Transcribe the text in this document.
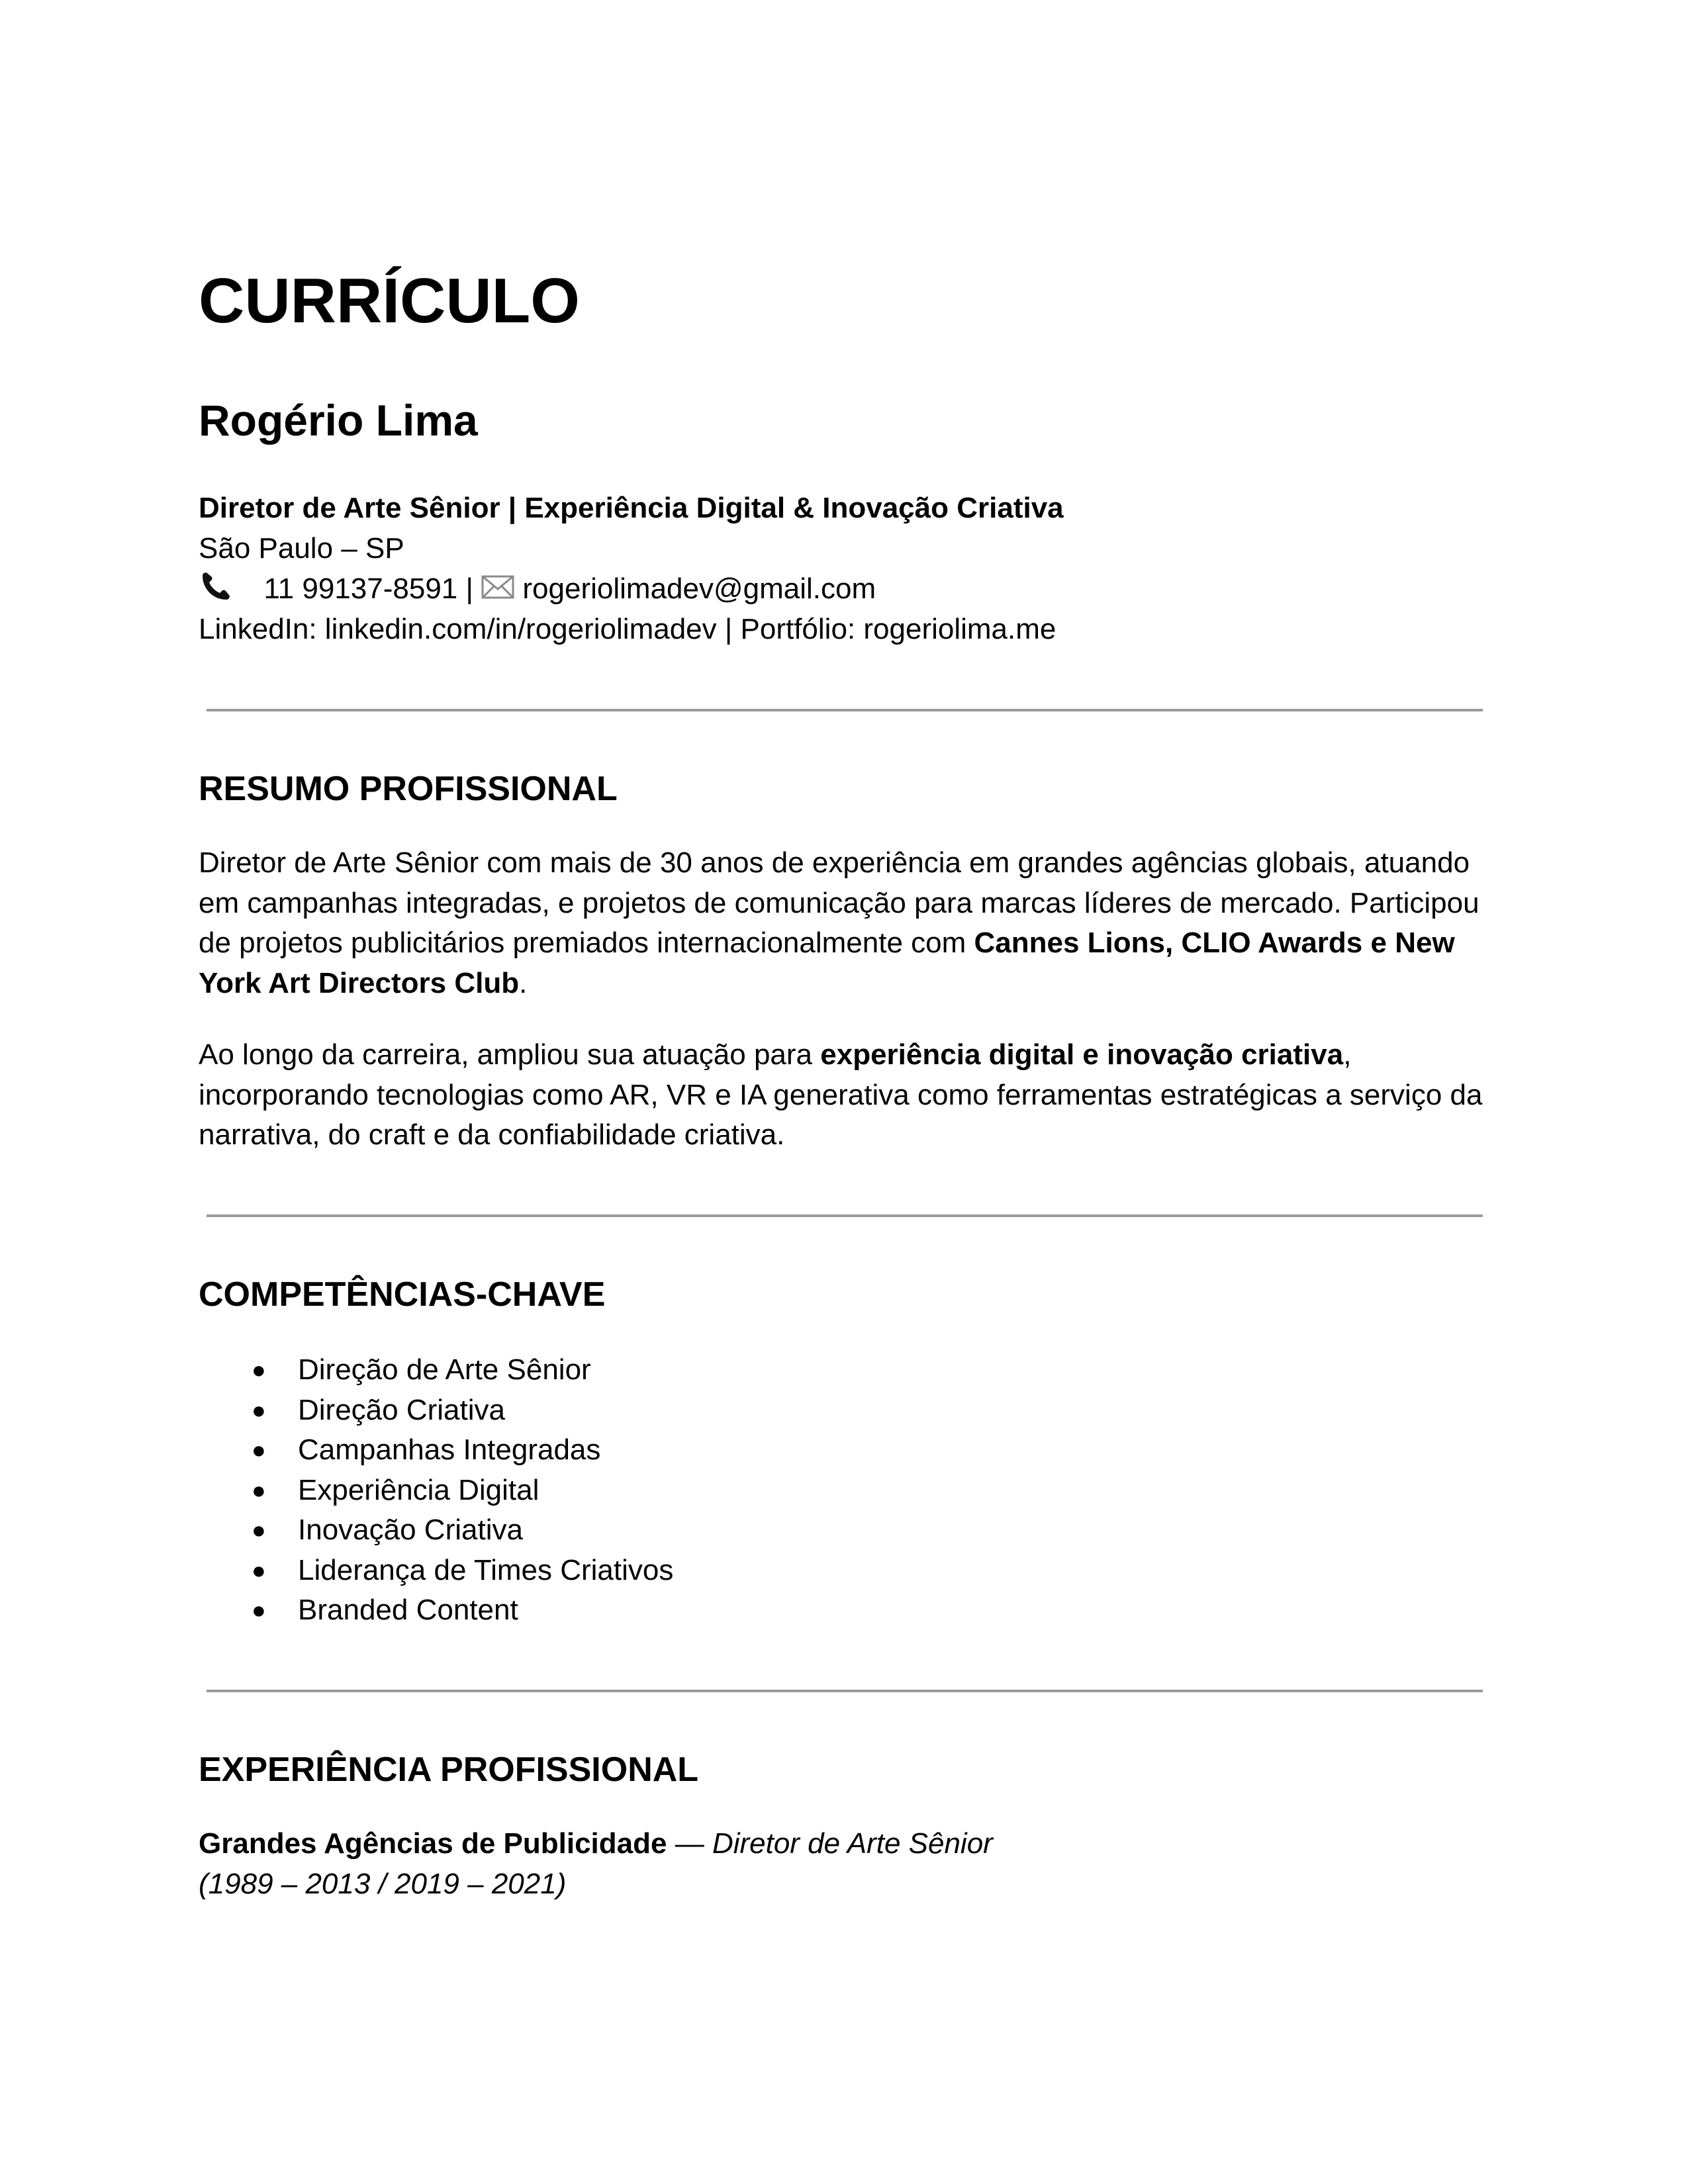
CURRÍCULO
Rogério Lima
Diretor de Arte Sênior | Experiência Digital & Inovação Criativa
São Paulo – SP
11 99137-8591 | rogeriolimadev@gmail.com
LinkedIn: linkedin.com/in/rogeriolimadev | Portfólio: rogeriolima.me
RESUMO PROFISSIONAL

Diretor de Arte Sênior com mais de 30 anos de experiência em grandes agências globais, atuando em campanhas integradas, e projetos de comunicação para marcas líderes de mercado. Participou de projetos publicitários premiados internacionalmente com Cannes Lions, CLIO Awards e New York Art Directors Club.

Ao longo da carreira, ampliou sua atuação para experiência digital e inovação criativa, incorporando tecnologias como AR, VR e IA generativa como ferramentas estratégicas a serviço da narrativa, do craft e da confiabilidade criativa.

COMPETÊNCIAS-CHAVE
● Direção de Arte Sênior
● Direção Criativa
● Campanhas Integradas
● Experiência Digital
● Inovação Criativa
● Liderança de Times Criativos
● Branded Content
EXPERIÊNCIA PROFISSIONAL
Grandes Agências de Publicidade — Diretor de Arte Sênior
(1989 – 2013 / 2019 – 2021)
